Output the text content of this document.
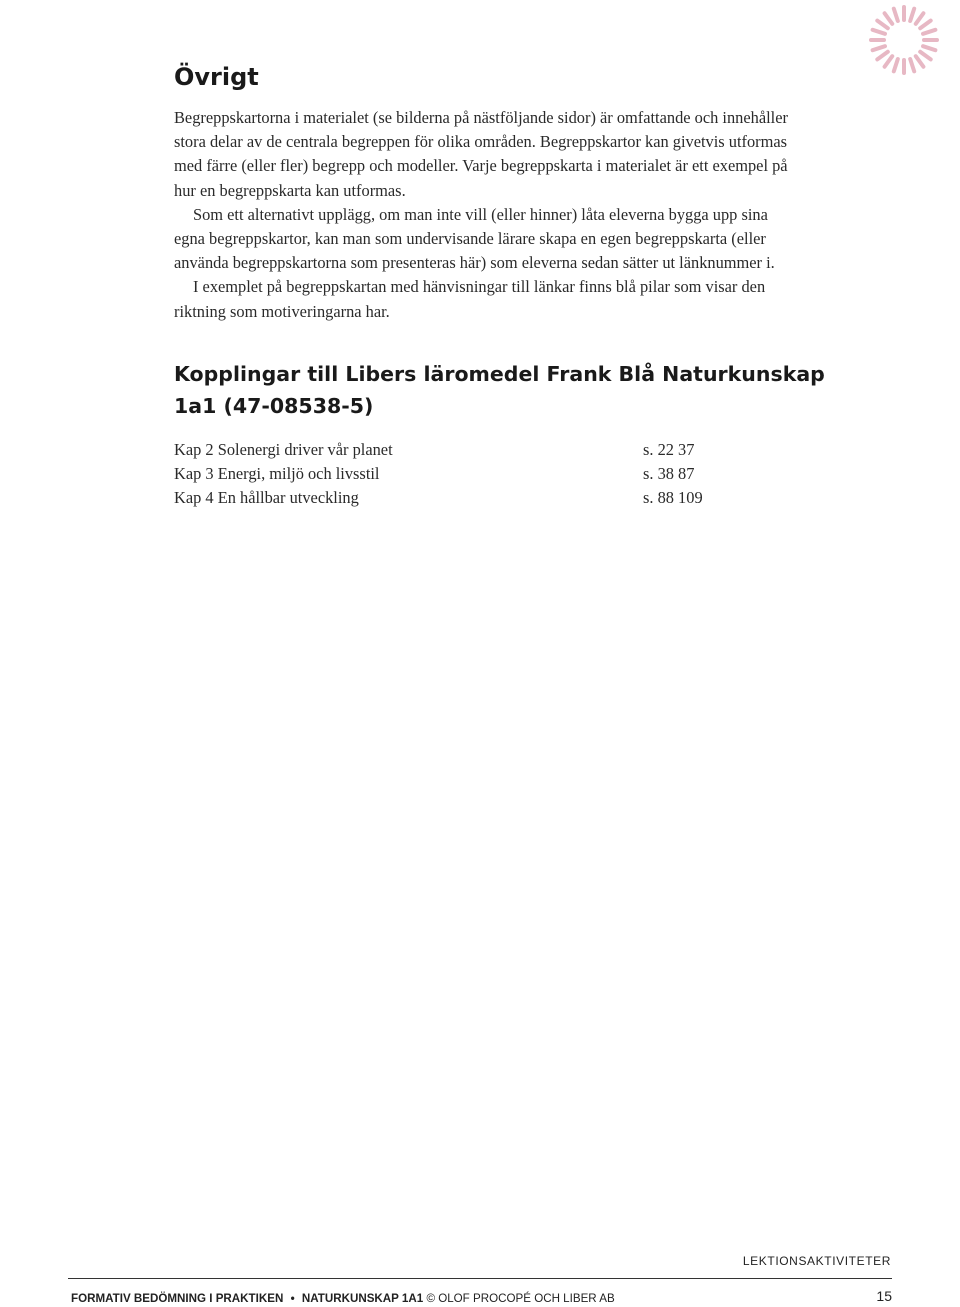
Övrigt

Begreppskartorna i materialet (se bilderna på nästföljande sidor) är omfattande och innehåller stora delar av de centrala begreppen för olika områden. Begreppskartor kan givetvis utformas med färre (eller fler) begrepp och modeller. Varje begreppskarta i materialet är ett exempel på hur en begreppskarta kan utformas.

Som ett alternativt upplägg, om man inte vill (eller hinner) låta eleverna bygga upp sina egna begreppskartor, kan man som undervisande lärare skapa en egen begreppskarta (eller använda begreppskartorna som presenteras här) som eleverna sedan sätter ut länknummer i.

I exemplet på begreppskartan med hänvisningar till länkar finns blå pilar som visar den riktning som motiveringarna har.

Kopplingar till Libers läromedel Frank Blå Naturkunskap 1a1 (47-08538-5)
Kap 2 Solenergi driver vår planet	s. 22 37
Kap 3 Energi, miljö och livsstil	s. 38 87
Kap 4 En hållbar utveckling	s. 88 109
LEKTIONSAKTIVITETER
FORMATIV BEDÖMNING I PRAKTIKEN • NATURKUNSKAP 1A1 © OLOF PROCOPÉ OCH LIBER AB	15
